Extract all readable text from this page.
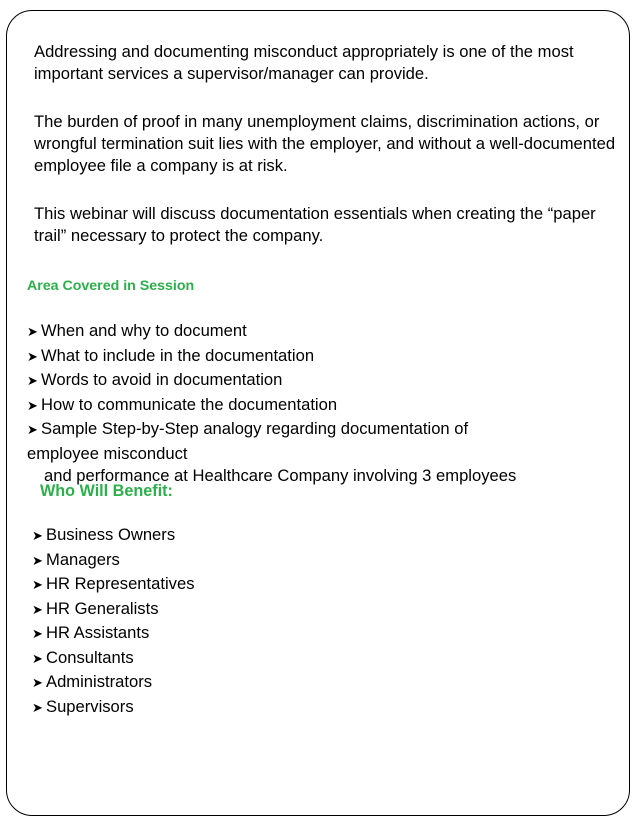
Addressing and documenting misconduct appropriately is one of the most important services a supervisor/manager can provide.

The burden of proof in many unemployment claims, discrimination actions, or wrongful termination suit lies with the employer, and without a well-documented employee file a company is at risk.

This webinar will discuss documentation essentials when creating the “paper trail” necessary to protect the company.

Area Covered in Session

➤ When and why to document
➤ What to include in the documentation
➤ Words to avoid in documentation
➤ How to communicate the documentation
➤ Sample Step-by-Step analogy regarding documentation of
employee misconduct
and performance at Healthcare Company involving 3 employees

Who Will Benefit:

➤ Business Owners
➤ Managers
➤ HR Representatives
➤ HR Generalists
➤ HR Assistants
➤ Consultants
➤ Administrators
➤ Supervisors
